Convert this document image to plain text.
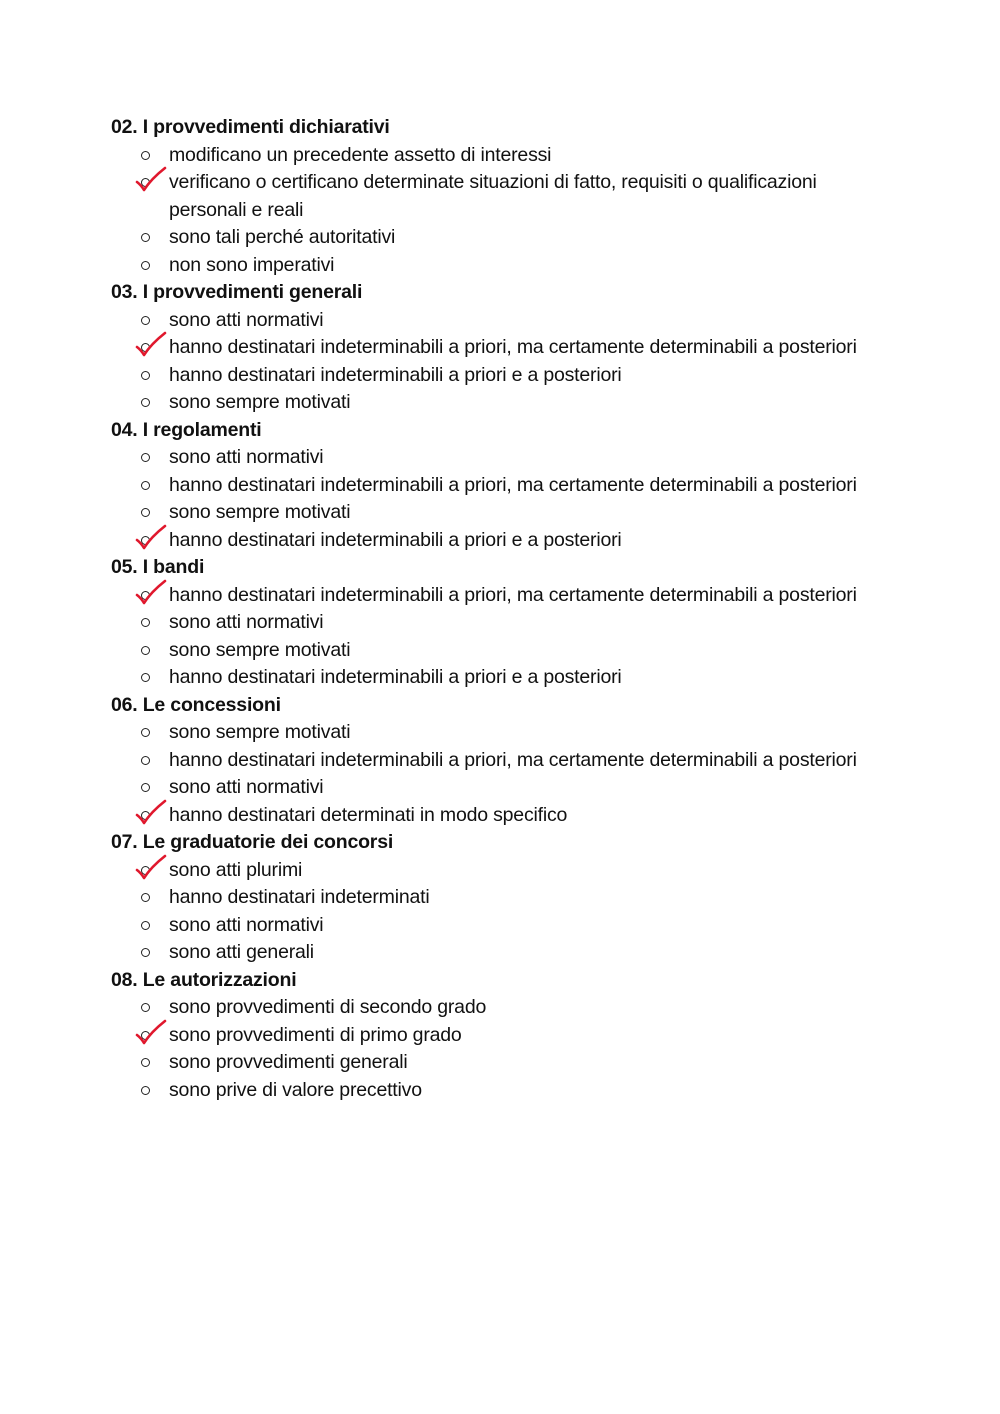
02. I provvedimenti dichiarativi
modificano un precedente assetto di interessi
verificano o certificano determinate situazioni di fatto, requisiti o qualificazioni personali e reali
sono tali perché autoritativi
non sono imperativi
03. I provvedimenti generali
sono atti normativi
hanno destinatari indeterminabili a priori, ma certamente determinabili a posteriori
hanno destinatari indeterminabili a priori e a posteriori
sono sempre motivati
04. I regolamenti
sono atti normativi
hanno destinatari indeterminabili a priori, ma certamente determinabili a posteriori
sono sempre motivati
hanno destinatari indeterminabili a priori e a posteriori
05. I bandi
hanno destinatari indeterminabili a priori, ma certamente determinabili a posteriori
sono atti normativi
sono sempre motivati
hanno destinatari indeterminabili a priori e a posteriori
06. Le concessioni
sono sempre motivati
hanno destinatari indeterminabili a priori, ma certamente determinabili a posteriori
sono atti normativi
hanno destinatari determinati in modo specifico
07. Le graduatorie dei concorsi
sono atti plurimi
hanno destinatari indeterminati
sono atti normativi
sono atti generali
08. Le autorizzazioni
sono provvedimenti di secondo grado
sono provvedimenti di primo grado
sono provvedimenti generali
sono prive di valore precettivo
